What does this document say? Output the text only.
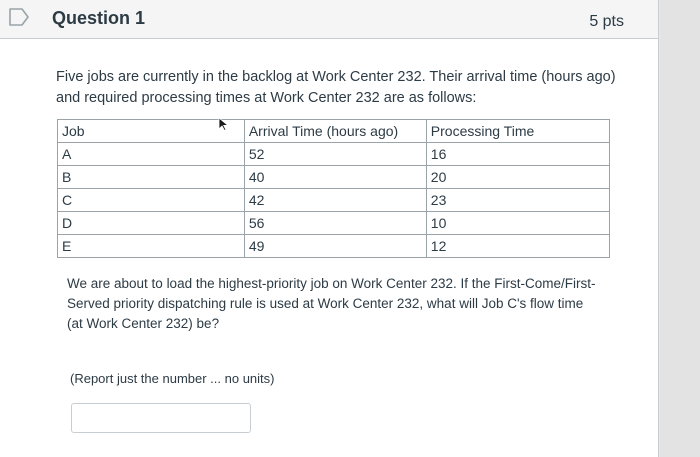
Question 1	5 pts
Five jobs are currently in the backlog at Work Center 232. Their arrival time (hours ago) and required processing times at Work Center 232 are as follows:
Job	Arrival Time (hours ago)	Processing Time
A	52	16
B	40	20
C	42	23
D	56	10
E	49	12
We are about to load the highest-priority job on Work Center 232. If the First-Come/First-Served priority dispatching rule is used at Work Center 232, what will Job C's flow time (at Work Center 232) be?
(Report just the number ... no units)
